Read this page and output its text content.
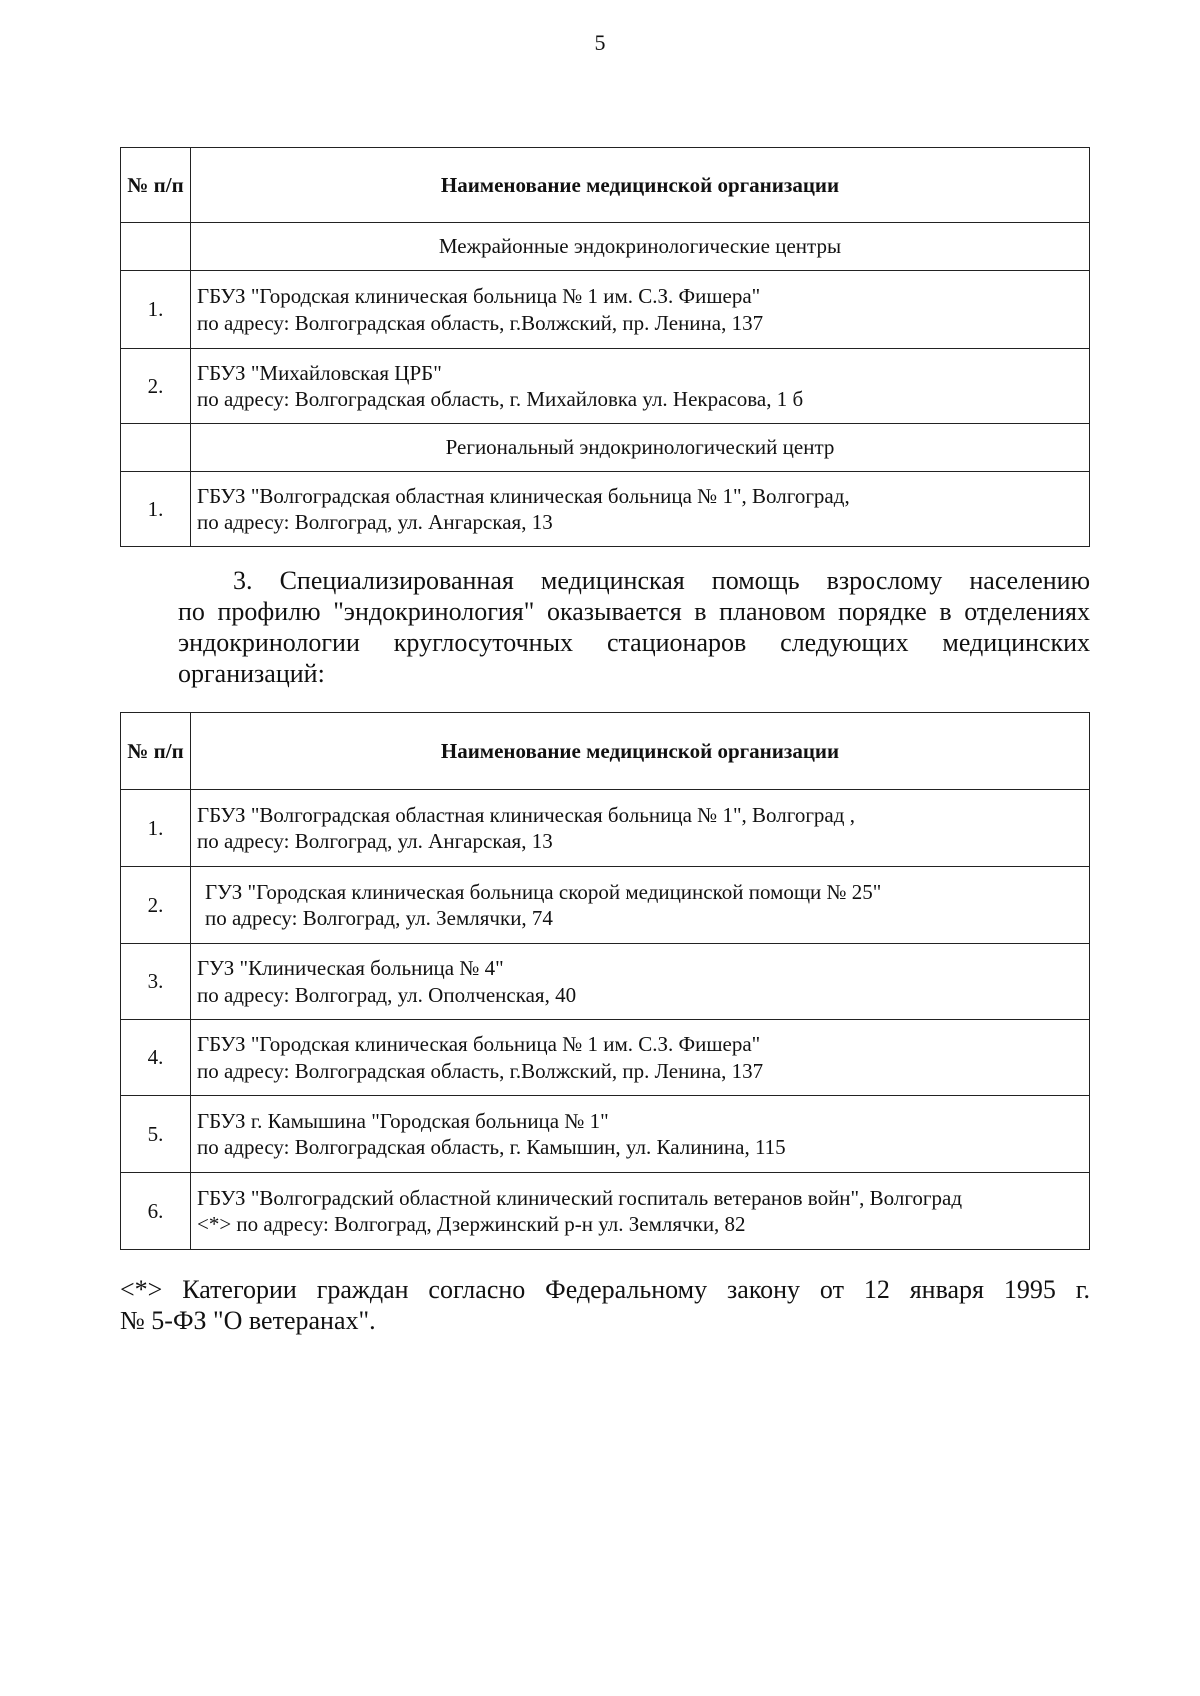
5
№ п/п	Наименование медицинской организации
	Межрайонные эндокринологические центры
1.	ГБУЗ "Городская клиническая больница № 1 им. С.З. Фишера"
по адресу: Волгоградская область, г.Волжский, пр. Ленина, 137

2.	ГБУЗ "Михайловская ЦРБ"
по адресу: Волгоградская область, г. Михайловка ул. Некрасова, 1 б

	Региональный эндокринологический центр
1.	ГБУЗ "Волгоградская областная клиническая больница № 1", Волгоград,
по адресу: Волгоград, ул. Ангарская, 13
3. Специализированная медицинская помощь взрослому населению
по профилю "эндокринология" оказывается в плановом порядке в отделениях эндокринологии круглосуточных стационаров следующих медицинских организаций:
№ п/п	Наименование медицинской организации
1.	ГБУЗ "Волгоградская областная клиническая больница № 1", Волгоград ,
по адресу: Волгоград, ул. Ангарская, 13

2.	ГУЗ "Городская клиническая больница скорой медицинской помощи № 25"
по адресу: Волгоград, ул. Землячки, 74

3.	ГУЗ "Клиническая больница № 4"
по адресу: Волгоград, ул. Ополченская, 40

4.	ГБУЗ "Городская клиническая больница № 1 им. С.З. Фишера"
по адресу: Волгоградская область, г.Волжский, пр. Ленина, 137

5.	ГБУЗ г. Камышина "Городская больница № 1"
по адресу: Волгоградская область, г. Камышин, ул. Калинина, 115

6.	ГБУЗ "Волгоградский областной клинический госпиталь ветеранов войн", Волгоград
<*> по адресу: Волгоград, Дзержинский р-н ул. Землячки, 82
<*> Категории граждан согласно Федеральному закону от 12 января 1995 г.
№ 5-ФЗ "О ветеранах".
